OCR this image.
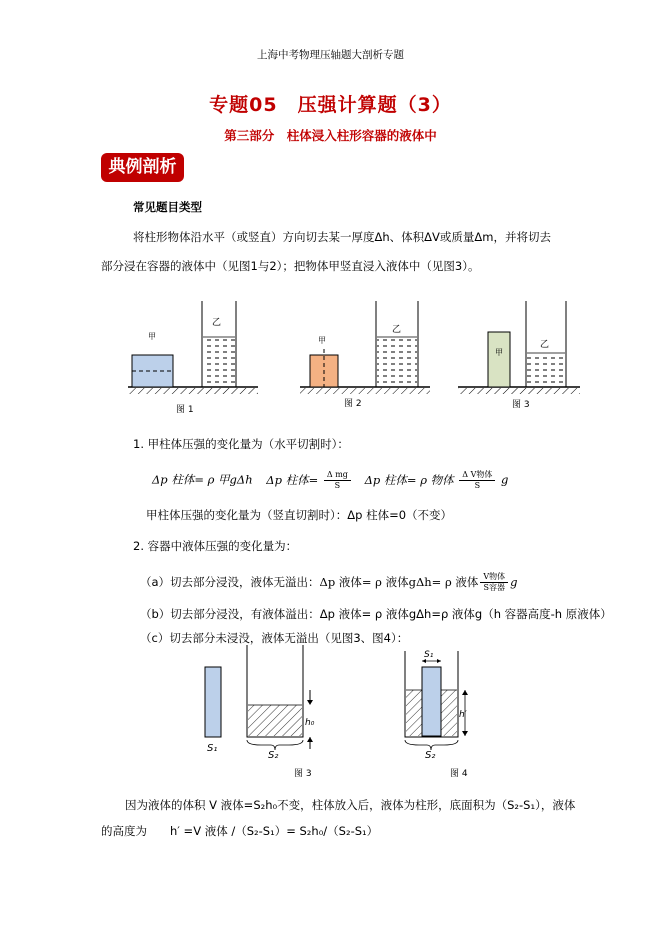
上海中考物理压轴题大剖析专题
专题05　压强计算题（3）
第三部分　柱体浸入柱形容器的液体中
典例剖析
常见题目类型
将柱形物体沿水平（或竖直）方向切去某一厚度Δh、体积ΔV或质量Δm，并将切去
部分浸在容器的液体中（见图1与2）；把物体甲竖直浸入液体中（见图3）。
甲
乙
图 1
甲
乙
图 2
甲
乙
图 3
1. 甲柱体压强的变化量为（水平切割时）：
Δp 柱体= ρ 甲gΔh Δp 柱体= $\frac{\text{Δ mg}}{S}$ Δp 柱体= ρ 物体 $\frac{\text{Δ V物体}}{S}$ g
甲柱体压强的变化量为（竖直切割时）：Δp 柱体=0（不变）
2. 容器中液体压强的变化量为：
（a）切去部分浸没，液体无溢出：Δp 液体= ρ 液体gΔh= ρ 液体 $\frac{\text{V物体}}{\text{S容器}}$ g
（b）切去部分浸没，有液体溢出：Δp 液体= ρ 液体gΔh=ρ 液体g（h 容器高度-h 原液体）
（c）切去部分未浸没，液体无溢出（见图3、图4）：
S₁
h₀
S₂
图 3
S₁
h′
S₂
图 4
因为液体的体积 V 液体=S₂h₀不变，柱体放入后，液体为柱形，底面积为（S₂-S₁），液体
的高度为　　h′ =V 液体 /（S₂-S₁）= S₂h₀/（S₂-S₁）
